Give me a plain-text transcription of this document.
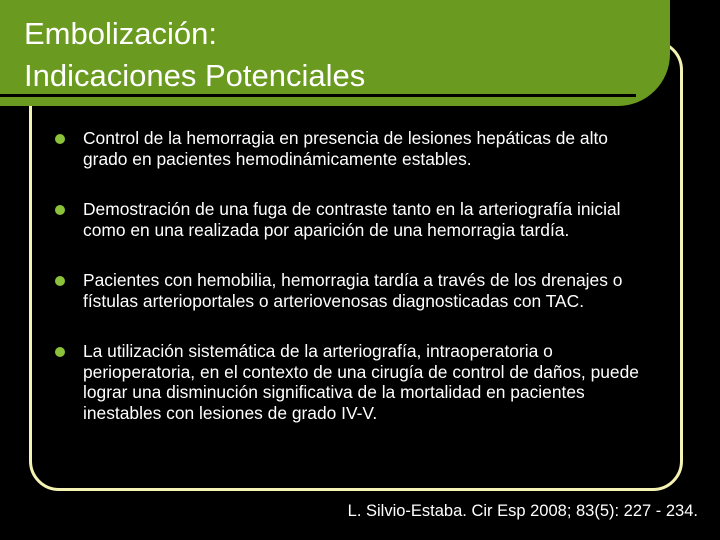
Embolización:
Indicaciones Potenciales
Control de la hemorragia en presencia de lesiones hepáticas de alto grado en pacientes hemodinámicamente estables.
Demostración de una fuga de contraste tanto en la arteriografía inicial como en una realizada por aparición de una hemorragia tardía.
Pacientes con hemobilia, hemorragia tardía a través de los drenajes o fístulas arterioportales o arteriovenosas diagnosticadas con TAC.
La utilización sistemática de la arteriografía, intraoperatoria o perioperatoria, en el contexto de una cirugía de control de daños, puede lograr una disminución significativa de la mortalidad en pacientes inestables con lesiones de grado IV-V.
L. Silvio-Estaba. Cir Esp 2008; 83(5): 227 - 234.
